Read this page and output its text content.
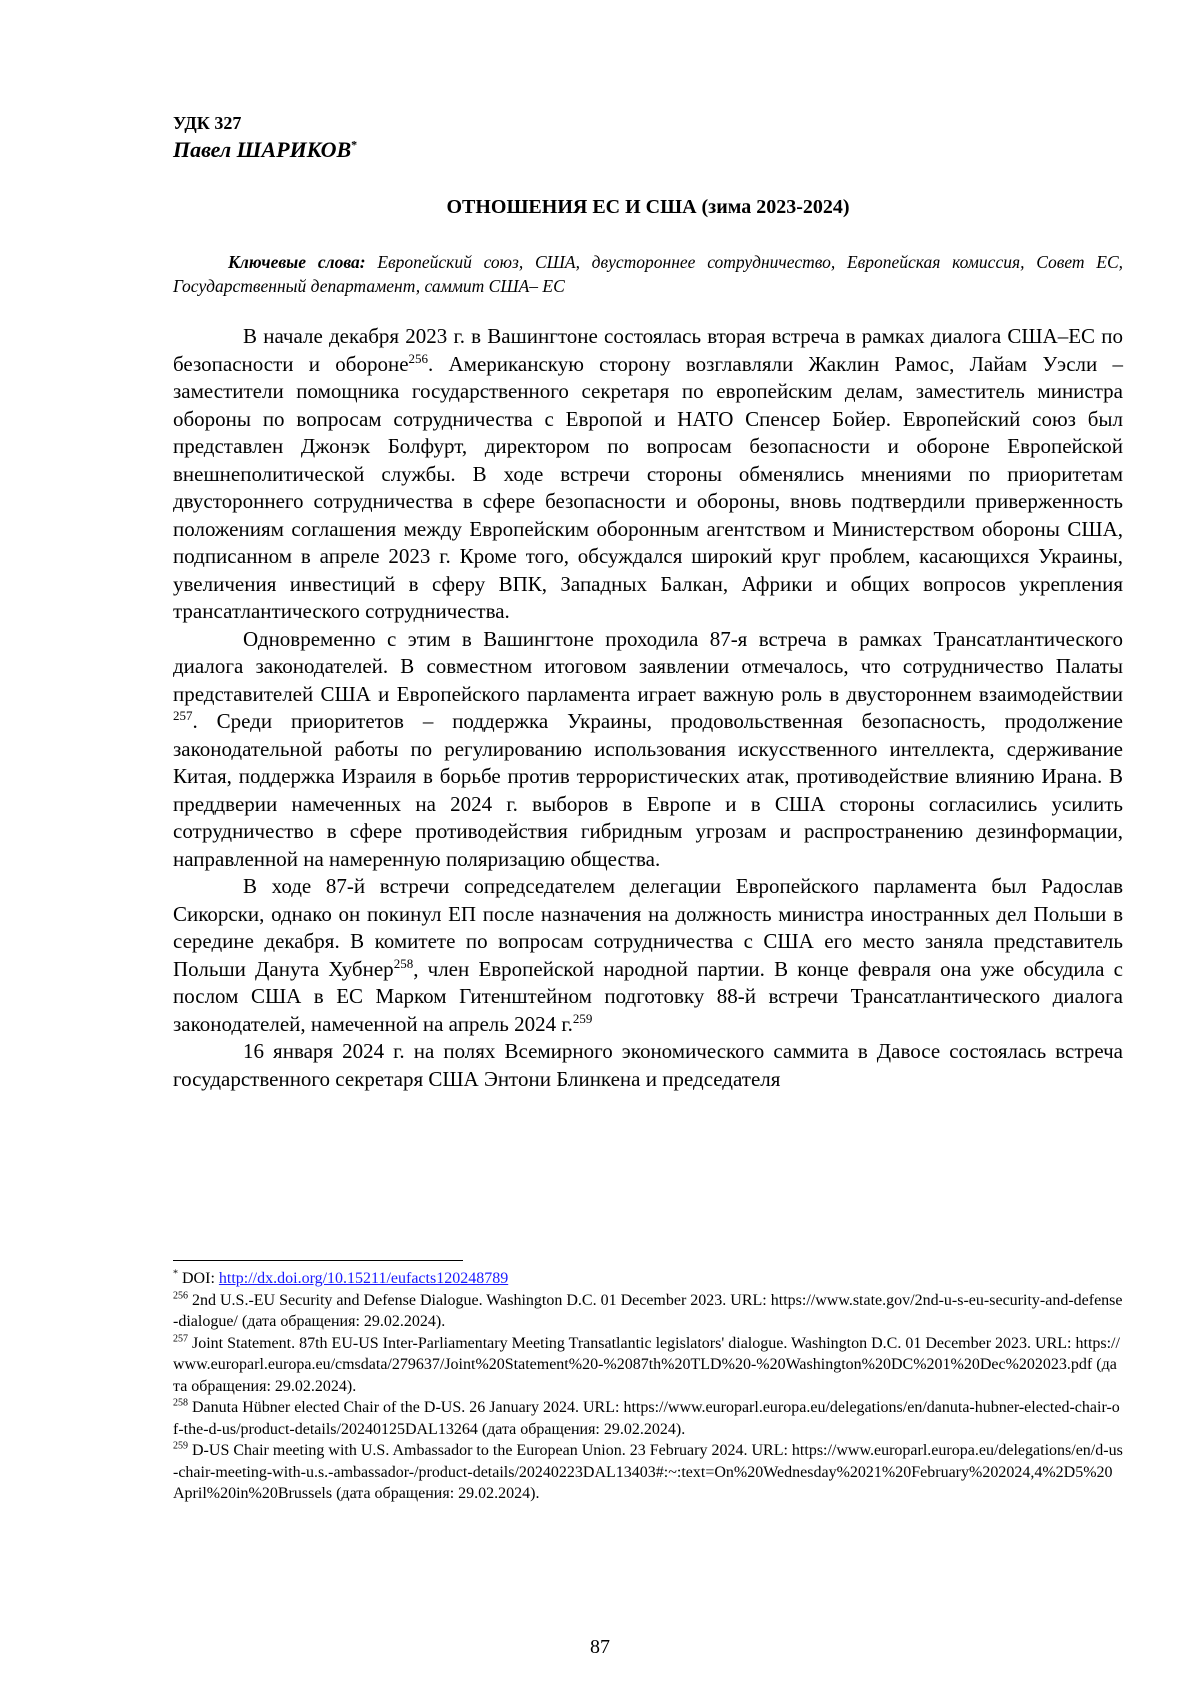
УДК 327
Павел ШАРИКОВ*
ОТНОШЕНИЯ ЕС И США (зима 2023-2024)
Ключевые слова: Европейский союз, США, двустороннее сотрудничество, Европейская комиссия, Совет ЕС, Государственный департамент, саммит США– ЕС

В начале декабря 2023 г. в Вашингтоне состоялась вторая встреча в рамках диалога США–ЕС по безопасности и обороне$^{256}$. Американскую сторону возглавляли Жаклин Рамос, Лайам Уэсли – заместители помощника государственного секретаря по европейским делам, заместитель министра обороны по вопросам сотрудничества с Европой и НАТО Спенсер Бойер. Европейский союз был представлен Джонэк Болфурт, директором по вопросам безопасности и обороне Европейской внешнеполитической службы. В ходе встречи стороны обменялись мнениями по приоритетам двустороннего сотрудничества в сфере безопасности и обороны, вновь подтвердили приверженность положениям соглашения между Европейским оборонным агентством и Министерством обороны США, подписанном в апреле 2023 г. Кроме того, обсуждался широкий круг проблем, касающихся Украины, увеличения инвестиций в сферу ВПК, Западных Балкан, Африки и общих вопросов укрепления трансатлантического сотрудничества.

Одновременно с этим в Вашингтоне проходила 87-я встреча в рамках Трансатлантического диалога законодателей. В совместном итоговом заявлении отмечалось, что сотрудничество Палаты представителей США и Европейского парламента играет важную роль в двустороннем взаимодействии $^{257}$. Среди приоритетов – поддержка Украины, продовольственная безопасность, продолжение законодательной работы по регулированию использования искусственного интеллекта, сдерживание Китая, поддержка Израиля в борьбе против террористических атак, противодействие влиянию Ирана. В преддверии намеченных на 2024 г. выборов в Европе и в США стороны согласились усилить сотрудничество в сфере противодействия гибридным угрозам и распространению дезинформации, направленной на намеренную поляризацию общества.

В ходе 87-й встречи сопредседателем делегации Европейского парламента был Радослав Сикорски, однако он покинул ЕП после назначения на должность министра иностранных дел Польши в середине декабря. В комитете по вопросам сотрудничества с США его место заняла представитель Польши Данута Хубнер$^{258}$, член Европейской народной партии. В конце февраля она уже обсудила с послом США в ЕС Марком Гитенштейном подготовку 88-й встречи Трансатлантического диалога законодателей, намеченной на апрель 2024 г.$^{259}$

16 января 2024 г. на полях Всемирного экономического саммита в Давосе состоялась встреча государственного секретаря США Энтони Блинкена и председателя

* DOI: http://dx.doi.org/10.15211/eufacts120248789

$^{256}$ 2nd U.S.-EU Security and Defense Dialogue. Washington D.C. 01 December 2023. URL: https://www.state.gov/2nd-u-s-eu-security-and-defense-dialogue/ (дата обращения: 29.02.2024).

$^{257}$ Joint Statement. 87th EU-US Inter-Parliamentary Meeting Transatlantic legislators' dialogue. Washington D.C. 01 December 2023. URL: https://www.europarl.europa.eu/cmsdata/279637/Joint%20Statement%20-%2087th%20TLD%20-%20Washington%20DC%201%20Dec%202023.pdf (дата обращения: 29.02.2024).

$^{258}$ Danuta Hübner elected Chair of the D-US. 26 January 2024. URL: https://www.europarl.europa.eu/delegations/en/danuta-hubner-elected-chair-of-the-d-us/product-details/20240125DAL13264 (дата обращения: 29.02.2024).

$^{259}$ D-US Chair meeting with U.S. Ambassador to the European Union. 23 February 2024. URL: https://www.europarl.europa.eu/delegations/en/d-us-chair-meeting-with-u.s.-ambassador-/product-details/20240223DAL13403#:~:text=On%20Wednesday%2021%20February%202024,4%2D5%20April%20in%20Brussels (дата обращения: 29.02.2024).

87
